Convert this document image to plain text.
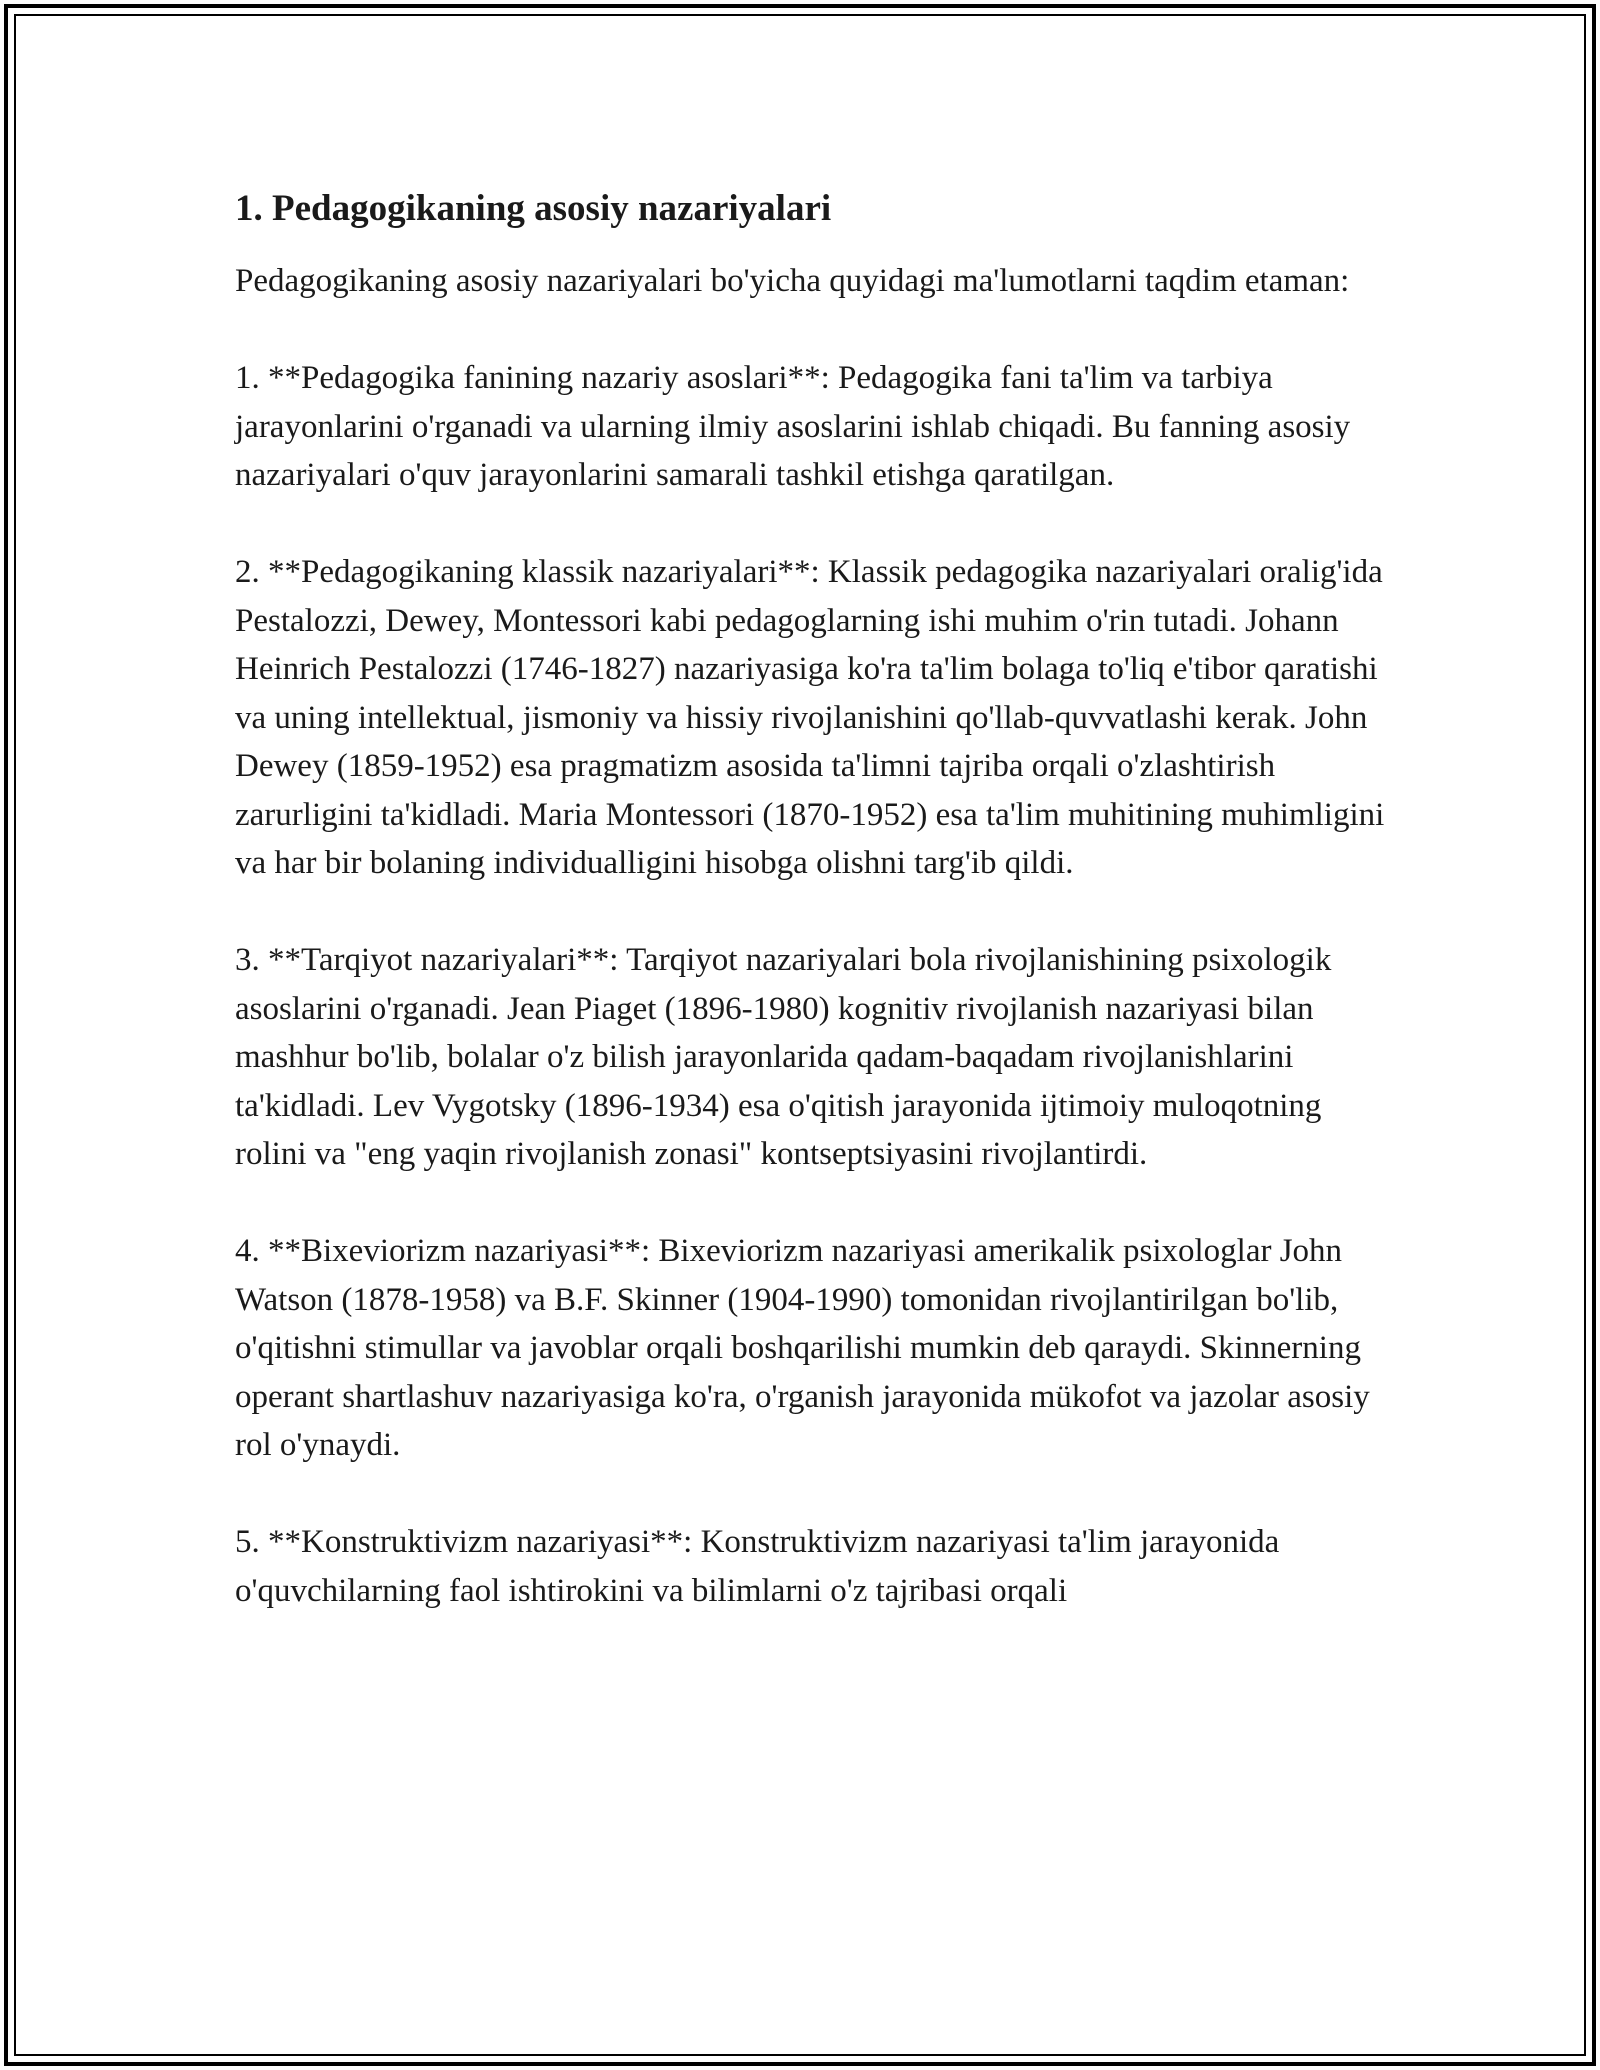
1. Pedagogikaning asosiy nazariyalari
Pedagogikaning asosiy nazariyalari bo'yicha quyidagi ma'lumotlarni taqdim etaman:
1. **Pedagogika fanining nazariy asoslari**: Pedagogika fani ta'lim va tarbiya jarayonlarini o'rganadi va ularning ilmiy asoslarini ishlab chiqadi. Bu fanning asosiy nazariyalari o'quv jarayonlarini samarali tashkil etishga qaratilgan.
2. **Pedagogikaning klassik nazariyalari**: Klassik pedagogika nazariyalari oralig'ida Pestalozzi, Dewey, Montessori kabi pedagoglarning ishi muhim o'rin tutadi. Johann Heinrich Pestalozzi (1746-1827) nazariyasiga ko'ra ta'lim bolaga to'liq e'tibor qaratishi va uning intellektual, jismoniy va hissiy rivojlanishini qo'llab-quvvatlashi kerak. John Dewey (1859-1952) esa pragmatizm asosida ta'limni tajriba orqali o'zlashtirish zarurligini ta'kidladi. Maria Montessori (1870-1952) esa ta'lim muhitining muhimligini va har bir bolaning individualligini hisobga olishni targ'ib qildi.
3. **Tarqiyot nazariyalari**: Tarqiyot nazariyalari bola rivojlanishining psixologik asoslarini o'rganadi. Jean Piaget (1896-1980) kognitiv rivojlanish nazariyasi bilan mashhur bo'lib, bolalar o'z bilish jarayonlarida qadam-baqadam rivojlanishlarini ta'kidladi. Lev Vygotsky (1896-1934) esa o'qitish jarayonida ijtimoiy muloqotning rolini va "eng yaqin rivojlanish zonasi" kontseptsiyasini rivojlantirdi.
4. **Bixeviorizm nazariyasi**: Bixeviorizm nazariyasi amerikalik psixologlar John Watson (1878-1958) va B.F. Skinner (1904-1990) tomonidan rivojlantirilgan bo'lib, o'qitishni stimullar va javoblar orqali boshqarilishi mumkin deb qaraydi. Skinnerning operant shartlashuv nazariyasiga ko'ra, o'rganish jarayonida mükofot va jazolar asosiy rol o'ynaydi.
5. **Konstruktivizm nazariyasi**: Konstruktivizm nazariyasi ta'lim jarayonida o'quvchilarning faol ishtirokini va bilimlarni o'z tajribasi orqali
